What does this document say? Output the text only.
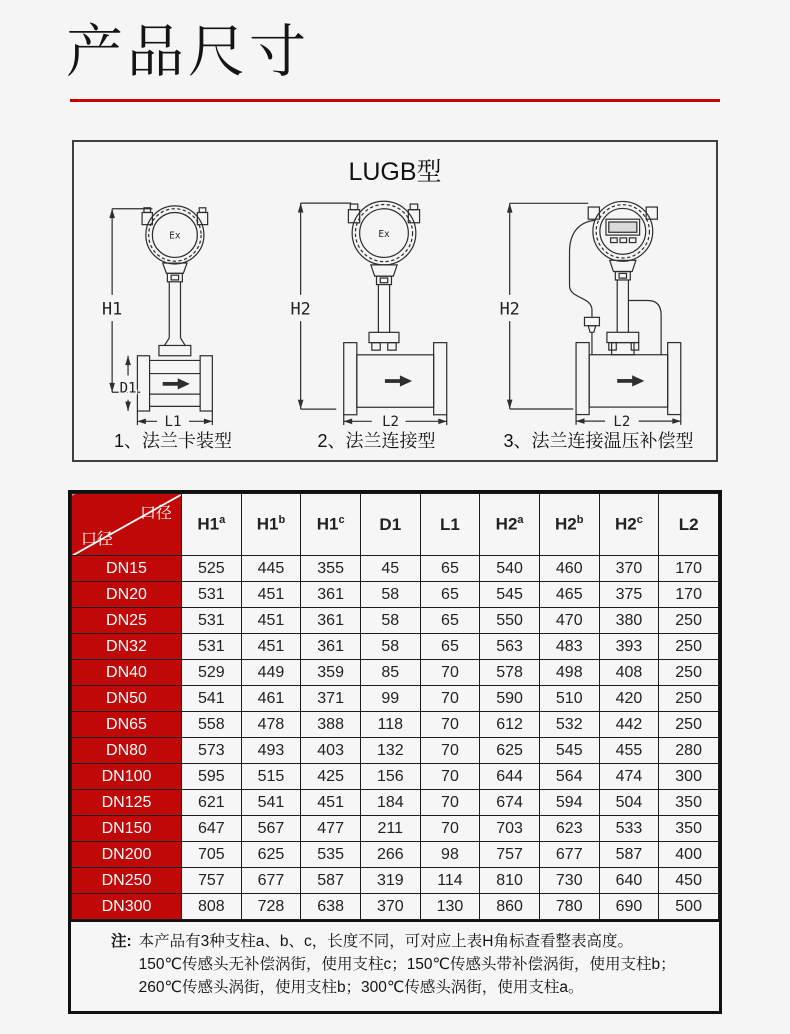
产品尺寸
LUGB型
Ex
H1
D1
L1
1、法兰卡装型
Ex
H2
L2
2、法兰连接型
H2
L2
3、法兰连接温压补偿型
口径
口径	H1$^a$	H1$^b$	H1$^c$	D1	L1	H2$^a$	H2$^b$	H2$^c$	L2
DN15	525	445	355	45	65	540	460	370	170
DN20	531	451	361	58	65	545	465	375	170
DN25	531	451	361	58	65	550	470	380	250
DN32	531	451	361	58	65	563	483	393	250
DN40	529	449	359	85	70	578	498	408	250
DN50	541	461	371	99	70	590	510	420	250
DN65	558	478	388	118	70	612	532	442	250
DN80	573	493	403	132	70	625	545	455	280
DN100	595	515	425	156	70	644	564	474	300
DN125	621	541	451	184	70	674	594	504	350
DN150	647	567	477	211	70	703	623	533	350
DN200	705	625	535	266	98	757	677	587	400
DN250	757	677	587	319	114	810	730	640	450
DN300	808	728	638	370	130	860	780	690	500
注: 本产品有3种支柱a、b、c，长度不同，可对应上表H角标查看整表高度。
150℃传感头无补偿涡街，使用支柱c；150℃传感头带补偿涡街，使用支柱b；
260℃传感头涡街，使用支柱b；300℃传感头涡街，使用支柱a。
